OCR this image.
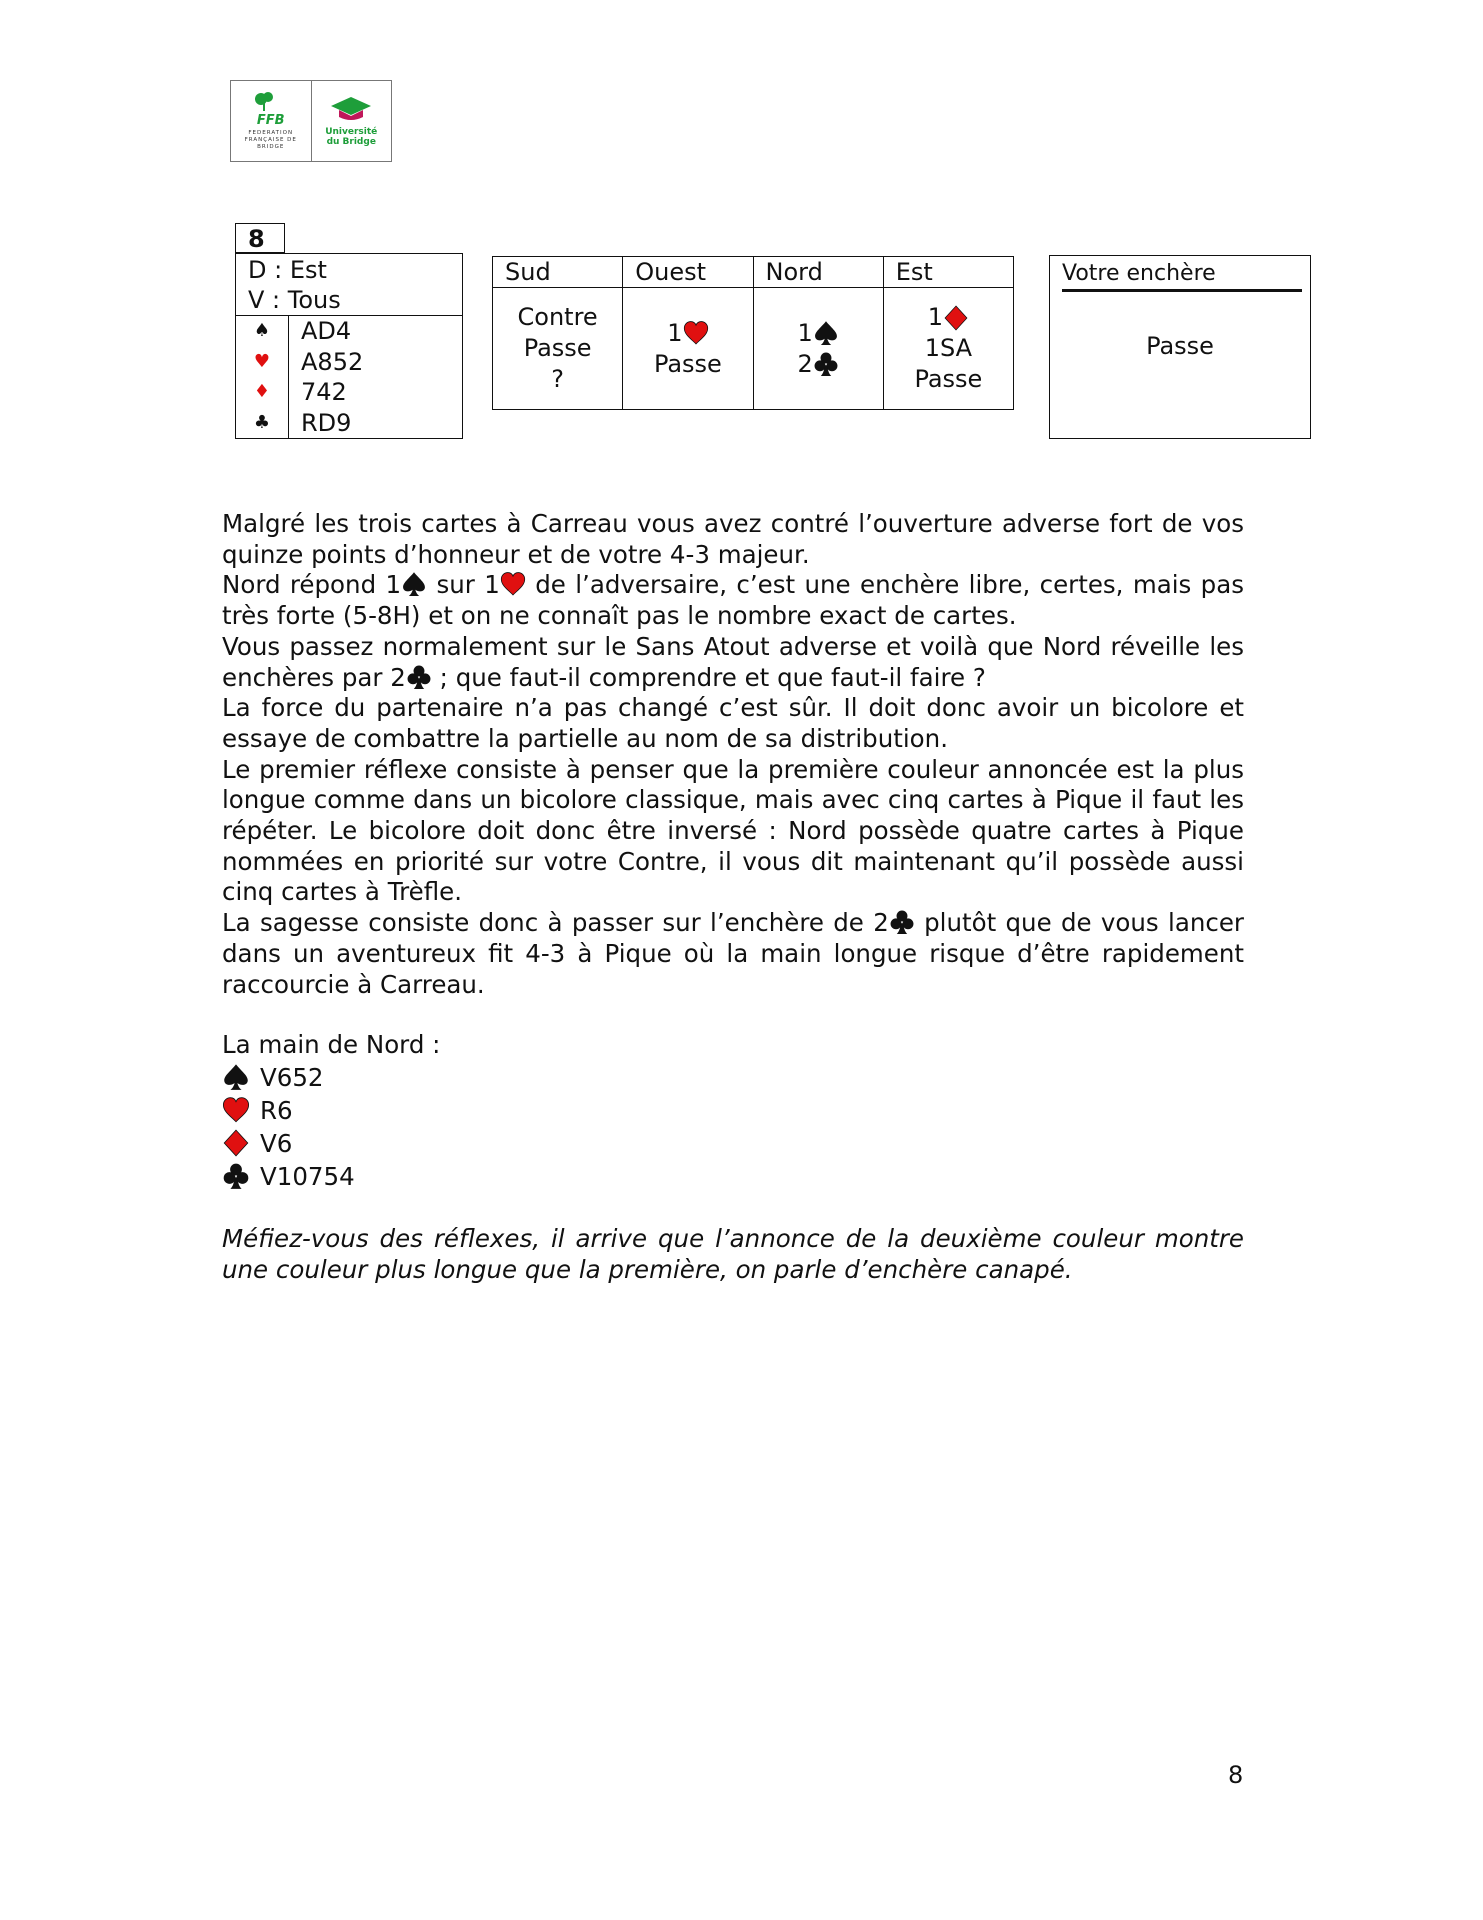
FFB
FEDERATION FRANÇAISE DE BRIDGE
Université
du Bridge
8
D : Est
V : Tous
♠
♥
♦
♣
AD4
A852
742
RD9
Sud
Contre
Passe
?
Ouest
1
Passe
Nord
1
2
Est
1
1SA
Passe
Votre enchère
Passe

Malgré les trois cartes à Carreau vous avez contré l’ouverture adverse fort de vos quinze points d’honneur et de votre 4-3 majeur.

Nord répond 1 sur 1 de l’adversaire, c’est une enchère libre, certes, mais pas très forte (5-8H) et on ne connaît pas le nombre exact de cartes.

Vous passez normalement sur le Sans Atout adverse et voilà que Nord réveille les enchères par 2 ; que faut-il comprendre et que faut-il faire ?

La force du partenaire n’a pas changé c’est sûr. Il doit donc avoir un bicolore et essaye de combattre la partielle au nom de sa distribution.

Le premier réflexe consiste à penser que la première couleur annoncée est la plus longue comme dans un bicolore classique, mais avec cinq cartes à Pique il faut les répéter. Le bicolore doit donc être inversé : Nord possède quatre cartes à Pique nommées en priorité sur votre Contre, il vous dit maintenant qu’il possède aussi cinq cartes à Trèfle.

La sagesse consiste donc à passer sur l’enchère de 2 plutôt que de vous lancer dans un aventureux fit 4-3 à Pique où la main longue risque d’être rapidement raccourcie à Carreau.

La main de Nord :

V652
R6
V6
V10754

Méfiez-vous des réflexes, il arrive que l’annonce de la deuxième couleur montre une couleur plus longue que la première, on parle d’enchère canapé.

8
